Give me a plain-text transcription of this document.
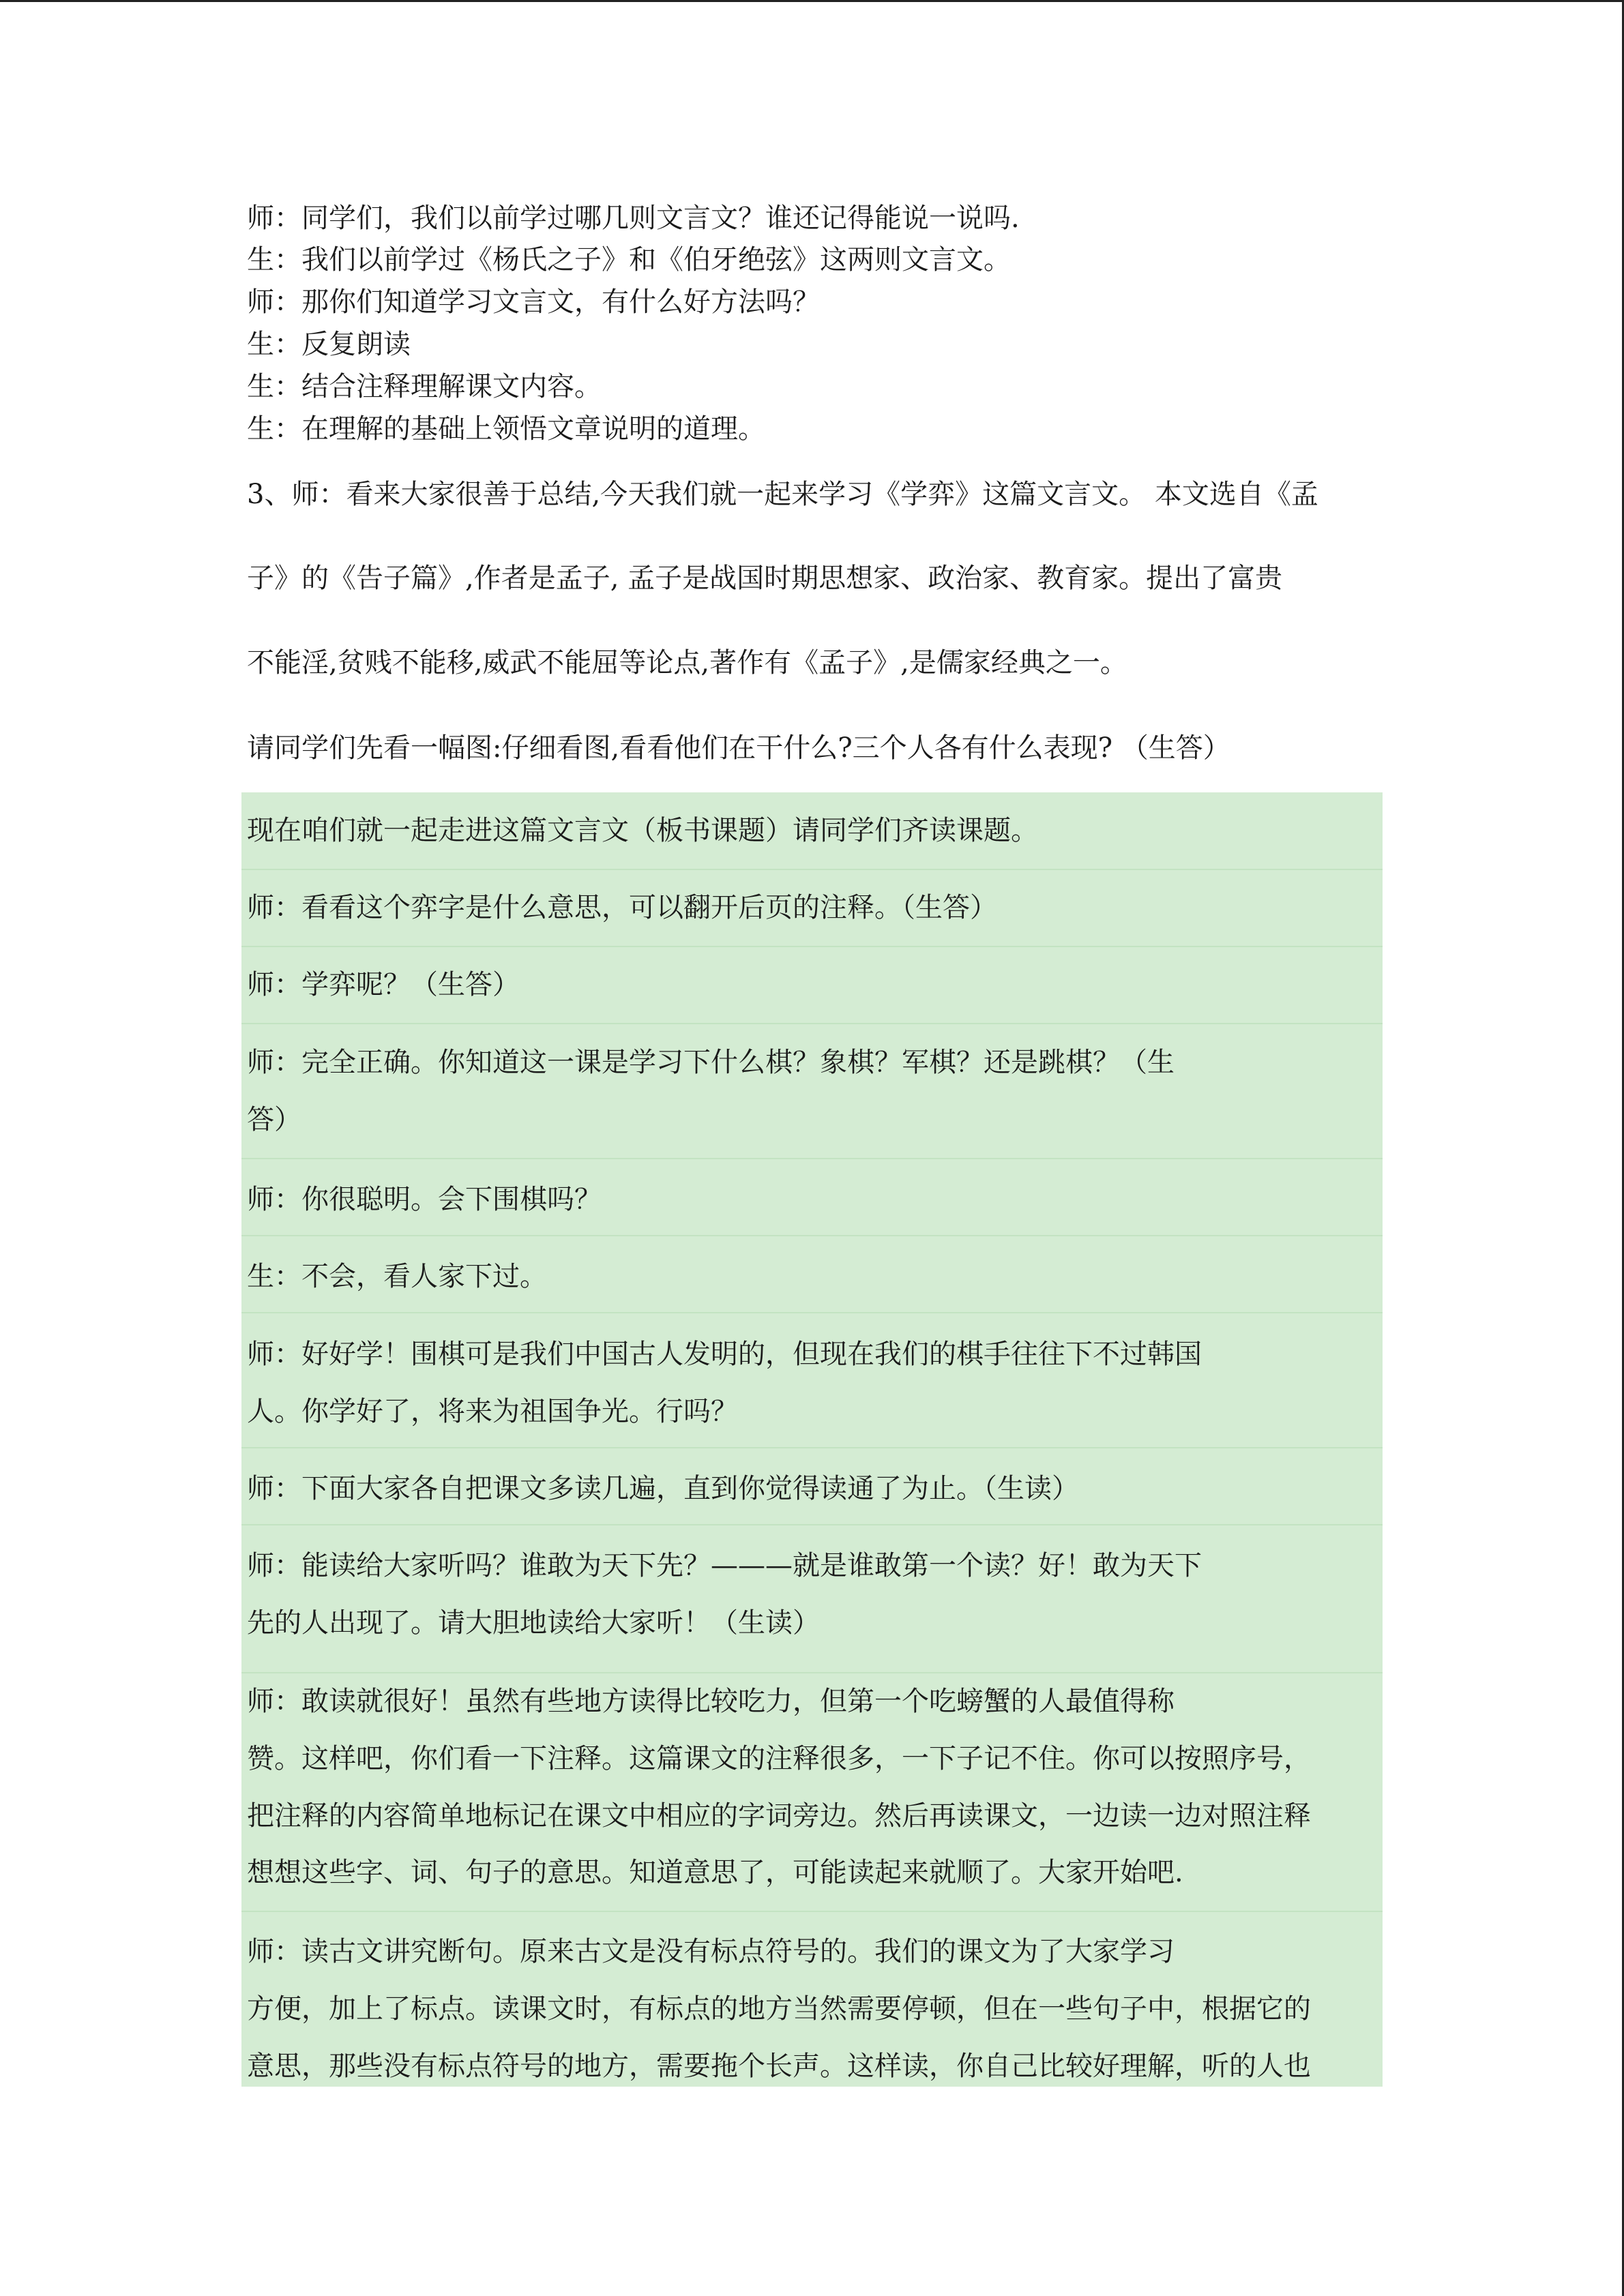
师：同学们，我们以前学过哪几则文言文？谁还记得能说一说吗.
生：我们以前学过《杨氏之子》和《伯牙绝弦》这两则文言文。
师：那你们知道学习文言文，有什么好方法吗？
生：反复朗读
生：结合注释理解课文内容。
生：在理解的基础上领悟文章说明的道理。
3、师：看来大家很善于总结,今天我们就一起来学习《学弈》这篇文言文。 本文选自《孟
子》的《告子篇》,作者是孟子, 孟子是战国时期思想家、政治家、教育家。提出了富贵
不能淫,贫贱不能移,威武不能屈等论点,著作有《孟子》,是儒家经典之一。
请同学们先看一幅图:仔细看图,看看他们在干什么?三个人各有什么表现? （生答）
现在咱们就一起走进这篇文言文（板书课题）请同学们齐读课题。
师：看看这个弈字是什么意思，可以翻开后页的注释。（生答）
师：学弈呢？（生答）
师：完全正确。你知道这一课是学习下什么棋？象棋？军棋？还是跳棋？（生
答）
师：你很聪明。会下围棋吗？
生：不会，看人家下过。
师：好好学！围棋可是我们中国古人发明的，但现在我们的棋手往往下不过韩国
人。你学好了，将来为祖国争光。行吗？
师：下面大家各自把课文多读几遍，直到你觉得读通了为止。（生读）
师：能读给大家听吗？谁敢为天下先？———就是谁敢第一个读？好！敢为天下
先的人出现了。请大胆地读给大家听！（生读）
师：敢读就很好！虽然有些地方读得比较吃力，但第一个吃螃蟹的人最值得称
赞。这样吧，你们看一下注释。这篇课文的注释很多，一下子记不住。你可以按照序号，
把注释的内容简单地标记在课文中相应的字词旁边。然后再读课文，一边读一边对照注释
想想这些字、词、句子的意思。知道意思了，可能读起来就顺了。大家开始吧.
师：读古文讲究断句。原来古文是没有标点符号的。我们的课文为了大家学习
方便，加上了标点。读课文时，有标点的地方当然需要停顿，但在一些句子中，根据它的
意思，那些没有标点符号的地方，需要拖个长声。这样读，你自己比较好理解，听的人也
